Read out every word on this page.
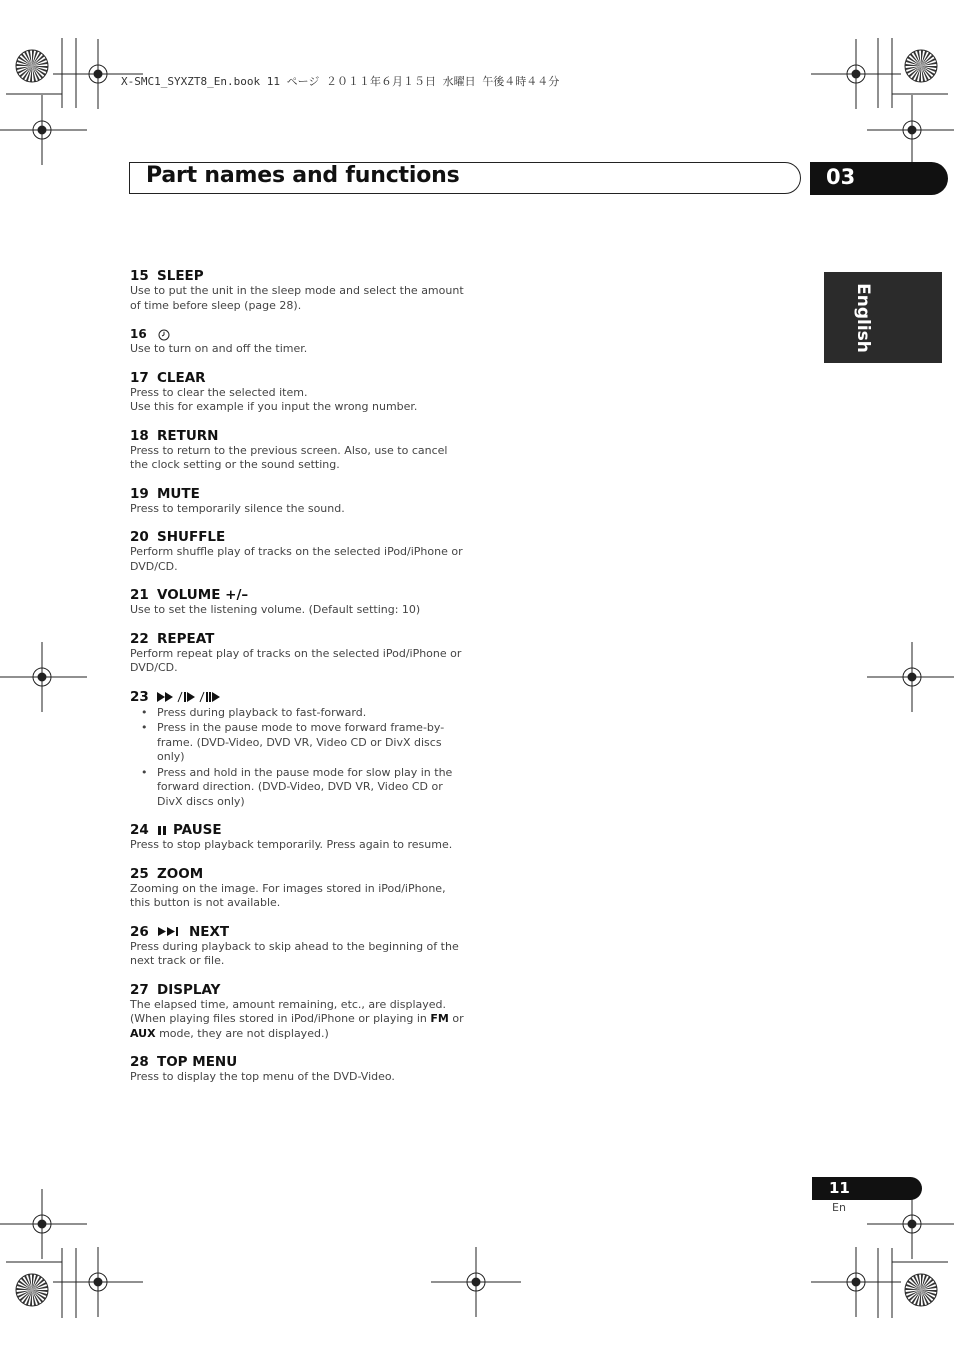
X-SMC1_SYXZT8_En.book 11 ページ ２０１１年６月１５日 水曜日 午後４時４４分
Part names and functions	03
English
15 SLEEP
Use to put the unit in the sleep mode and select the amount of time before sleep (page 28).
16
Use to turn on and off the timer.
17 CLEAR
Press to clear the selected item.
Use this for example if you input the wrong number.
18 RETURN
Press to return to the previous screen. Also, use to cancel the clock setting or the sound setting.
19 MUTE
Press to temporarily silence the sound.
20 SHUFFLE
Perform shuffle play of tracks on the selected iPod/iPhone or DVD/CD.
21 VOLUME +/–
Use to set the listening volume. (Default setting: 10)
22 REPEAT
Perform repeat play of tracks on the selected iPod/iPhone or DVD/CD.
23
• Press during playback to fast-forward.
• Press in the pause mode to move forward frame-by-frame. (DVD-Video, DVD VR, Video CD or DivX discs only)
• Press and hold in the pause mode for slow play in the forward direction. (DVD-Video, DVD VR, Video CD or DivX discs only)
24	PAUSE
Press to stop playback temporarily. Press again to resume.
25 ZOOM
Zooming on the image. For images stored in iPod/iPhone, this button is not available.
26	NEXT
Press during playback to skip ahead to the beginning of the next track or file.
27 DISPLAY
The elapsed time, amount remaining, etc., are displayed.
(When playing files stored in iPod/iPhone or playing in FM or AUX mode, they are not displayed.)
28 TOP MENU
Press to display the top menu of the DVD-Video.
11
En
